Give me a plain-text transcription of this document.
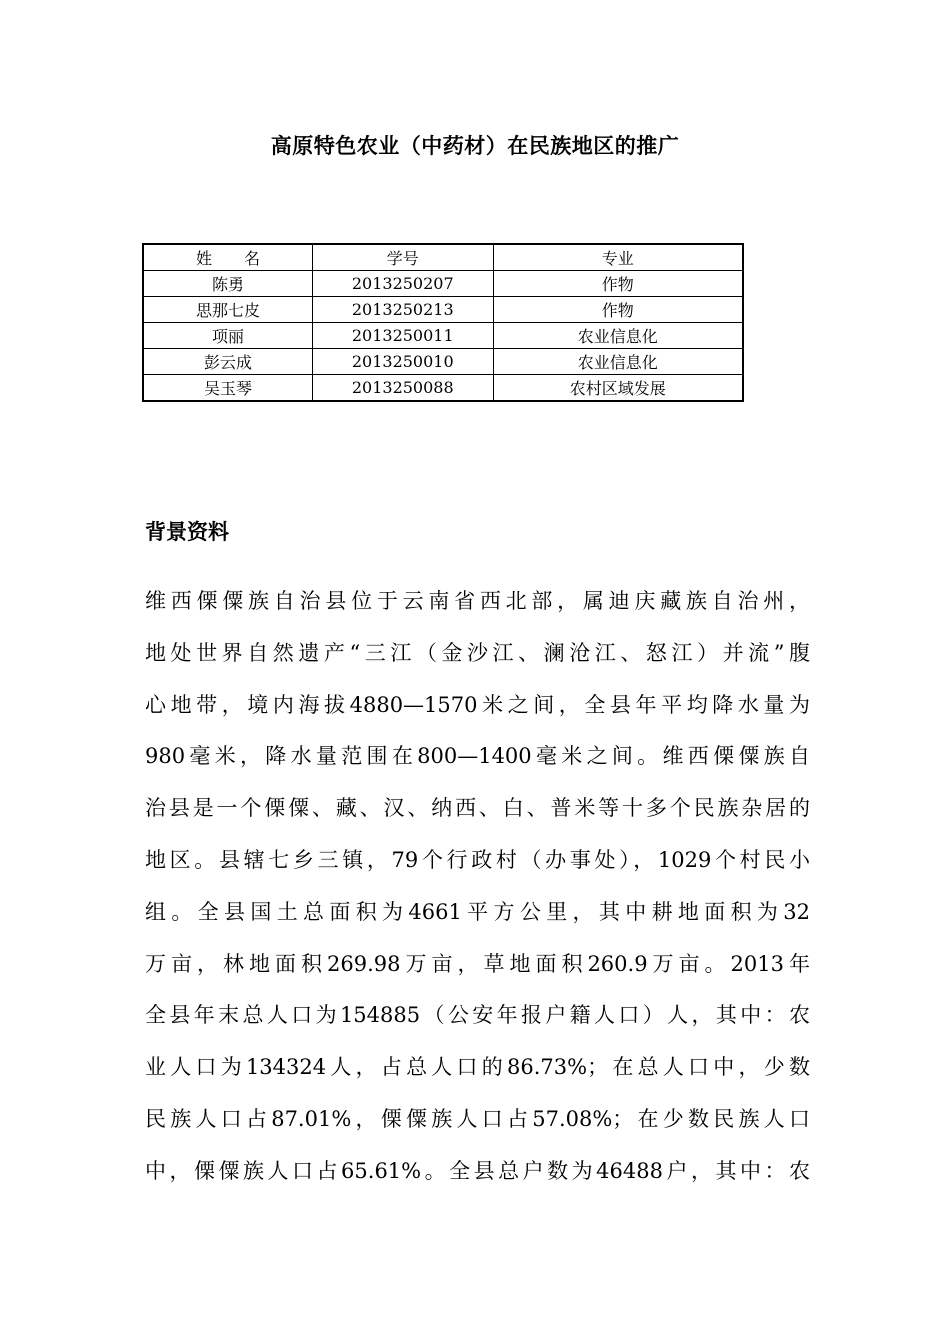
高原特色农业（中药材）在民族地区的推广
姓　　名	学号	专业
陈勇	2013250207	作物
思那七皮	2013250213	作物
项丽	2013250011	农业信息化
彭云成	2013250010	农业信息化
吴玉琴	2013250088	农村区域发展
背景资料
维西傈僳族自治县位于云南省西北部，属迪庆藏族自治州，
地处世界自然遗产“三江（金沙江、澜沧江、怒江）并流”腹
心地带，境内海拔4880—1570米之间，全县年平均降水量为
980毫米，降水量范围在800—1400毫米之间。维西傈僳族自
治县是一个傈僳、藏、汉、纳西、白、普米等十多个民族杂居的
地区。县辖七乡三镇，79个行政村（办事处），1029个村民小
组。全县国土总面积为4661平方公里，其中耕地面积为32
万亩，林地面积269.98万亩，草地面积260.9万亩。2013年
全县年末总人口为154885（公安年报户籍人口）人，其中：农
业人口为134324人，占总人口的86.73%；在总人口中，少数
民族人口占87.01%，傈僳族人口占57.08%；在少数民族人口
中，傈僳族人口占65.61%。全县总户数为46488户，其中：农
